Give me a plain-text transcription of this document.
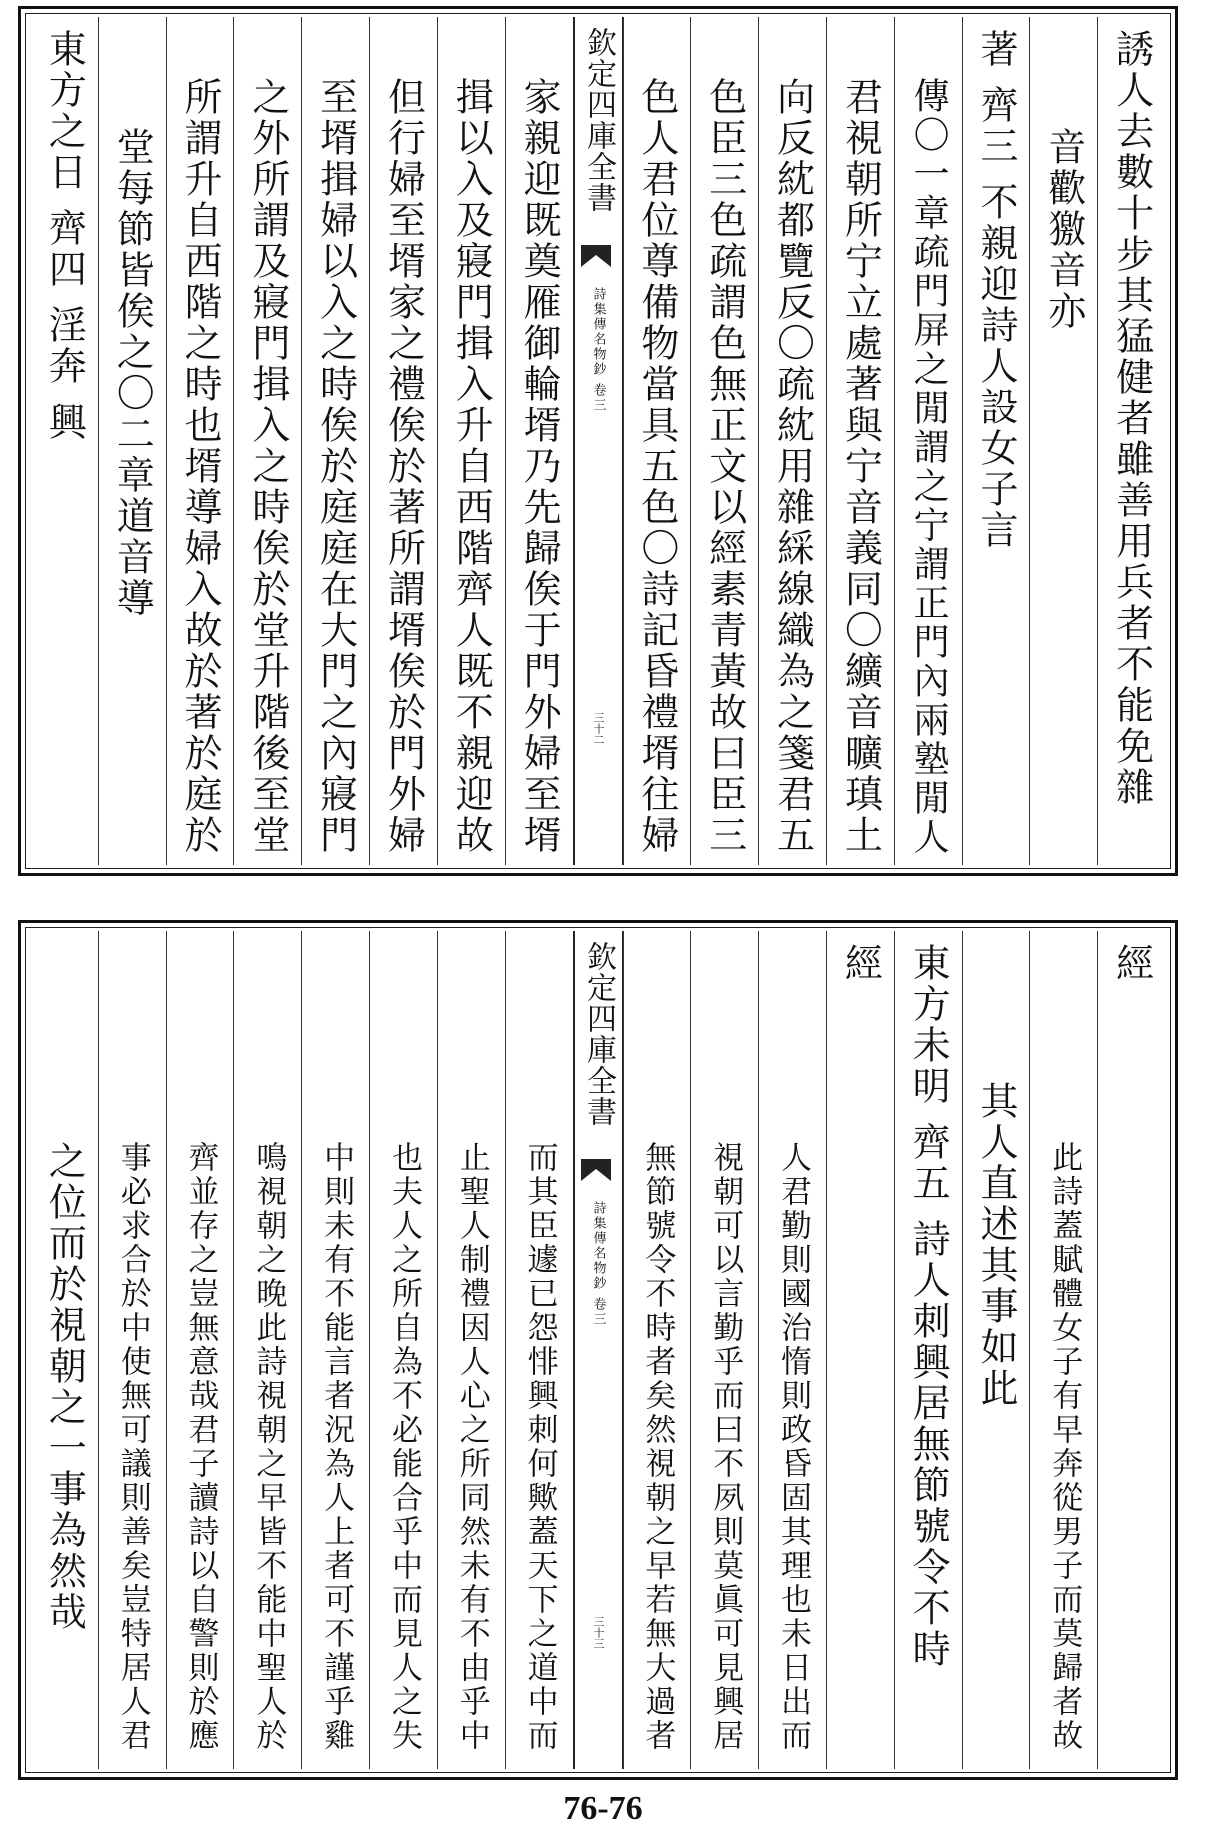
誘人去數十步其猛健者雖善用兵者不能免雜
音歡獥音亦
著 齊三 不親迎詩人設女子言
傳〇一章疏門屏之閒謂之宁謂正門內兩塾閒人
君視朝所宁立處著與宁音義同〇纊音曠瑱土
向反紞都覽反〇疏紞用雜綵線織為之箋君五
色臣三色疏謂色無正文以經素青黃故曰臣三
色人君位尊備物當具五色〇詩記昏禮壻往婦
欽定四庫全書
詩集傳名物鈔 卷三
三十二
家親迎既奠雁御輪壻乃先歸俟于門外婦至壻
揖以入及寢門揖入升自西階齊人既不親迎故
但行婦至壻家之禮俟於著所謂壻俟於門外婦
至壻揖婦以入之時俟於庭庭在大門之內寢門
之外所謂及寢門揖入之時俟於堂升階後至堂
所謂升自西階之時也壻導婦入故於著於庭於
堂每節皆俟之〇二章道音導
東方之日 齊四 淫奔 興
經
此詩蓋賦體女子有早奔從男子而莫歸者故
其人直述其事如此
東方未明 齊五 詩人刺興居無節號令不時
經
人君勤則國治惰則政昏固其理也未日出而
視朝可以言勤乎而曰不夙則莫眞可見興居
無節號令不時者矣然視朝之早若無大過者
欽定四庫全書
詩集傳名物鈔 卷三
三十三
而其臣遽已怨悱興刺何歟蓋天下之道中而
止聖人制禮因人心之所同然未有不由乎中
也夫人之所自為不必能合乎中而見人之失
中則未有不能言者況為人上者可不謹乎雞
鳴視朝之晚此詩視朝之早皆不能中聖人於
齊並存之豈無意哉君子讀詩以自警則於應
事必求合於中使無可議則善矣豈特居人君
之位而於視朝之一事為然哉
76-76
